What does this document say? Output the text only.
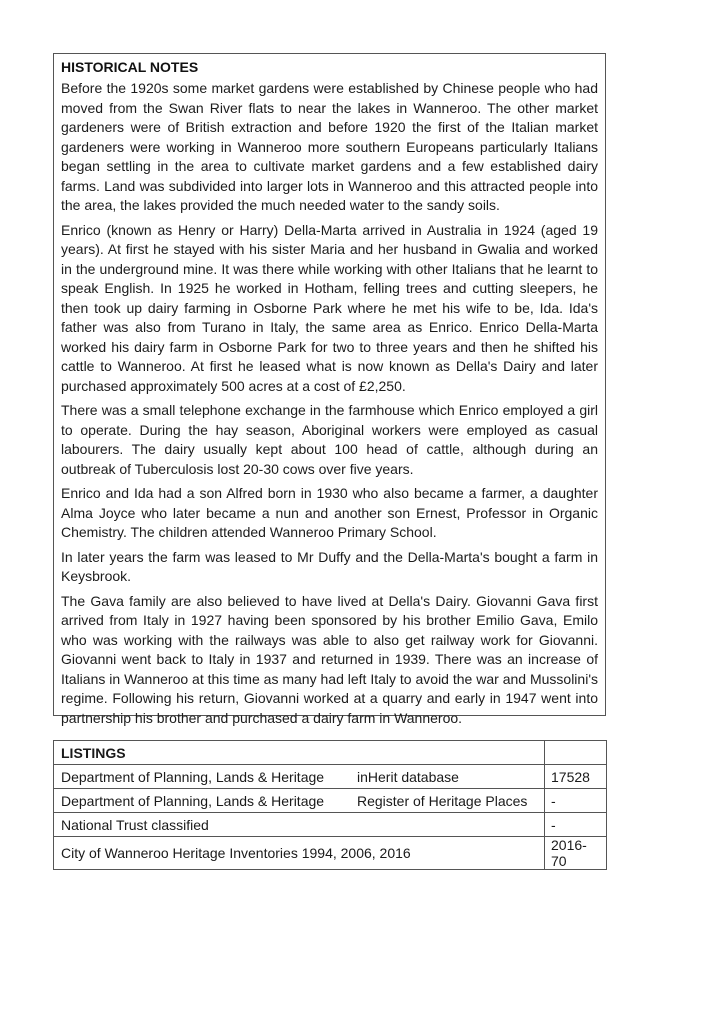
HISTORICAL NOTES

Before the 1920s some market gardens were established by Chinese people who had moved from the Swan River flats to near the lakes in Wanneroo. The other market gardeners were of British extraction and before 1920 the first of the Italian market gardeners were working in Wanneroo more southern Europeans particularly Italians began settling in the area to cultivate market gardens and a few established dairy farms. Land was subdivided into larger lots in Wanneroo and this attracted people into the area, the lakes provided the much needed water to the sandy soils.

Enrico (known as Henry or Harry) Della-Marta arrived in Australia in 1924 (aged 19 years). At first he stayed with his sister Maria and her husband in Gwalia and worked in the underground mine. It was there while working with other Italians that he learnt to speak English. In 1925 he worked in Hotham, felling trees and cutting sleepers, he then took up dairy farming in Osborne Park where he met his wife to be, Ida. Ida's father was also from Turano in Italy, the same area as Enrico. Enrico Della-Marta worked his dairy farm in Osborne Park for two to three years and then he shifted his cattle to Wanneroo. At first he leased what is now known as Della's Dairy and later purchased approximately 500 acres at a cost of £2,250.

There was a small telephone exchange in the farmhouse which Enrico employed a girl to operate. During the hay season, Aboriginal workers were employed as casual labourers. The dairy usually kept about 100 head of cattle, although during an outbreak of Tuberculosis lost 20-30 cows over five years.

Enrico and Ida had a son Alfred born in 1930 who also became a farmer, a daughter Alma Joyce who later became a nun and another son Ernest, Professor in Organic Chemistry. The children attended Wanneroo Primary School.

In later years the farm was leased to Mr Duffy and the Della-Marta's bought a farm in Keysbrook.

The Gava family are also believed to have lived at Della's Dairy. Giovanni Gava first arrived from Italy in 1927 having been sponsored by his brother Emilio Gava, Emilo who was working with the railways was able to also get railway work for Giovanni. Giovanni went back to Italy in 1937 and returned in 1939. There was an increase of Italians in Wanneroo at this time as many had left Italy to avoid the war and Mussolini's regime. Following his return, Giovanni worked at a quarry and early in 1947 went into partnership his brother and purchased a dairy farm in Wanneroo.

LISTINGS	
Department of Planning, Lands & Heritage inHerit database	17528
Department of Planning, Lands & Heritage Register of Heritage Places	-
National Trust classified	-
City of Wanneroo Heritage Inventories 1994, 2006, 2016	2016-70
